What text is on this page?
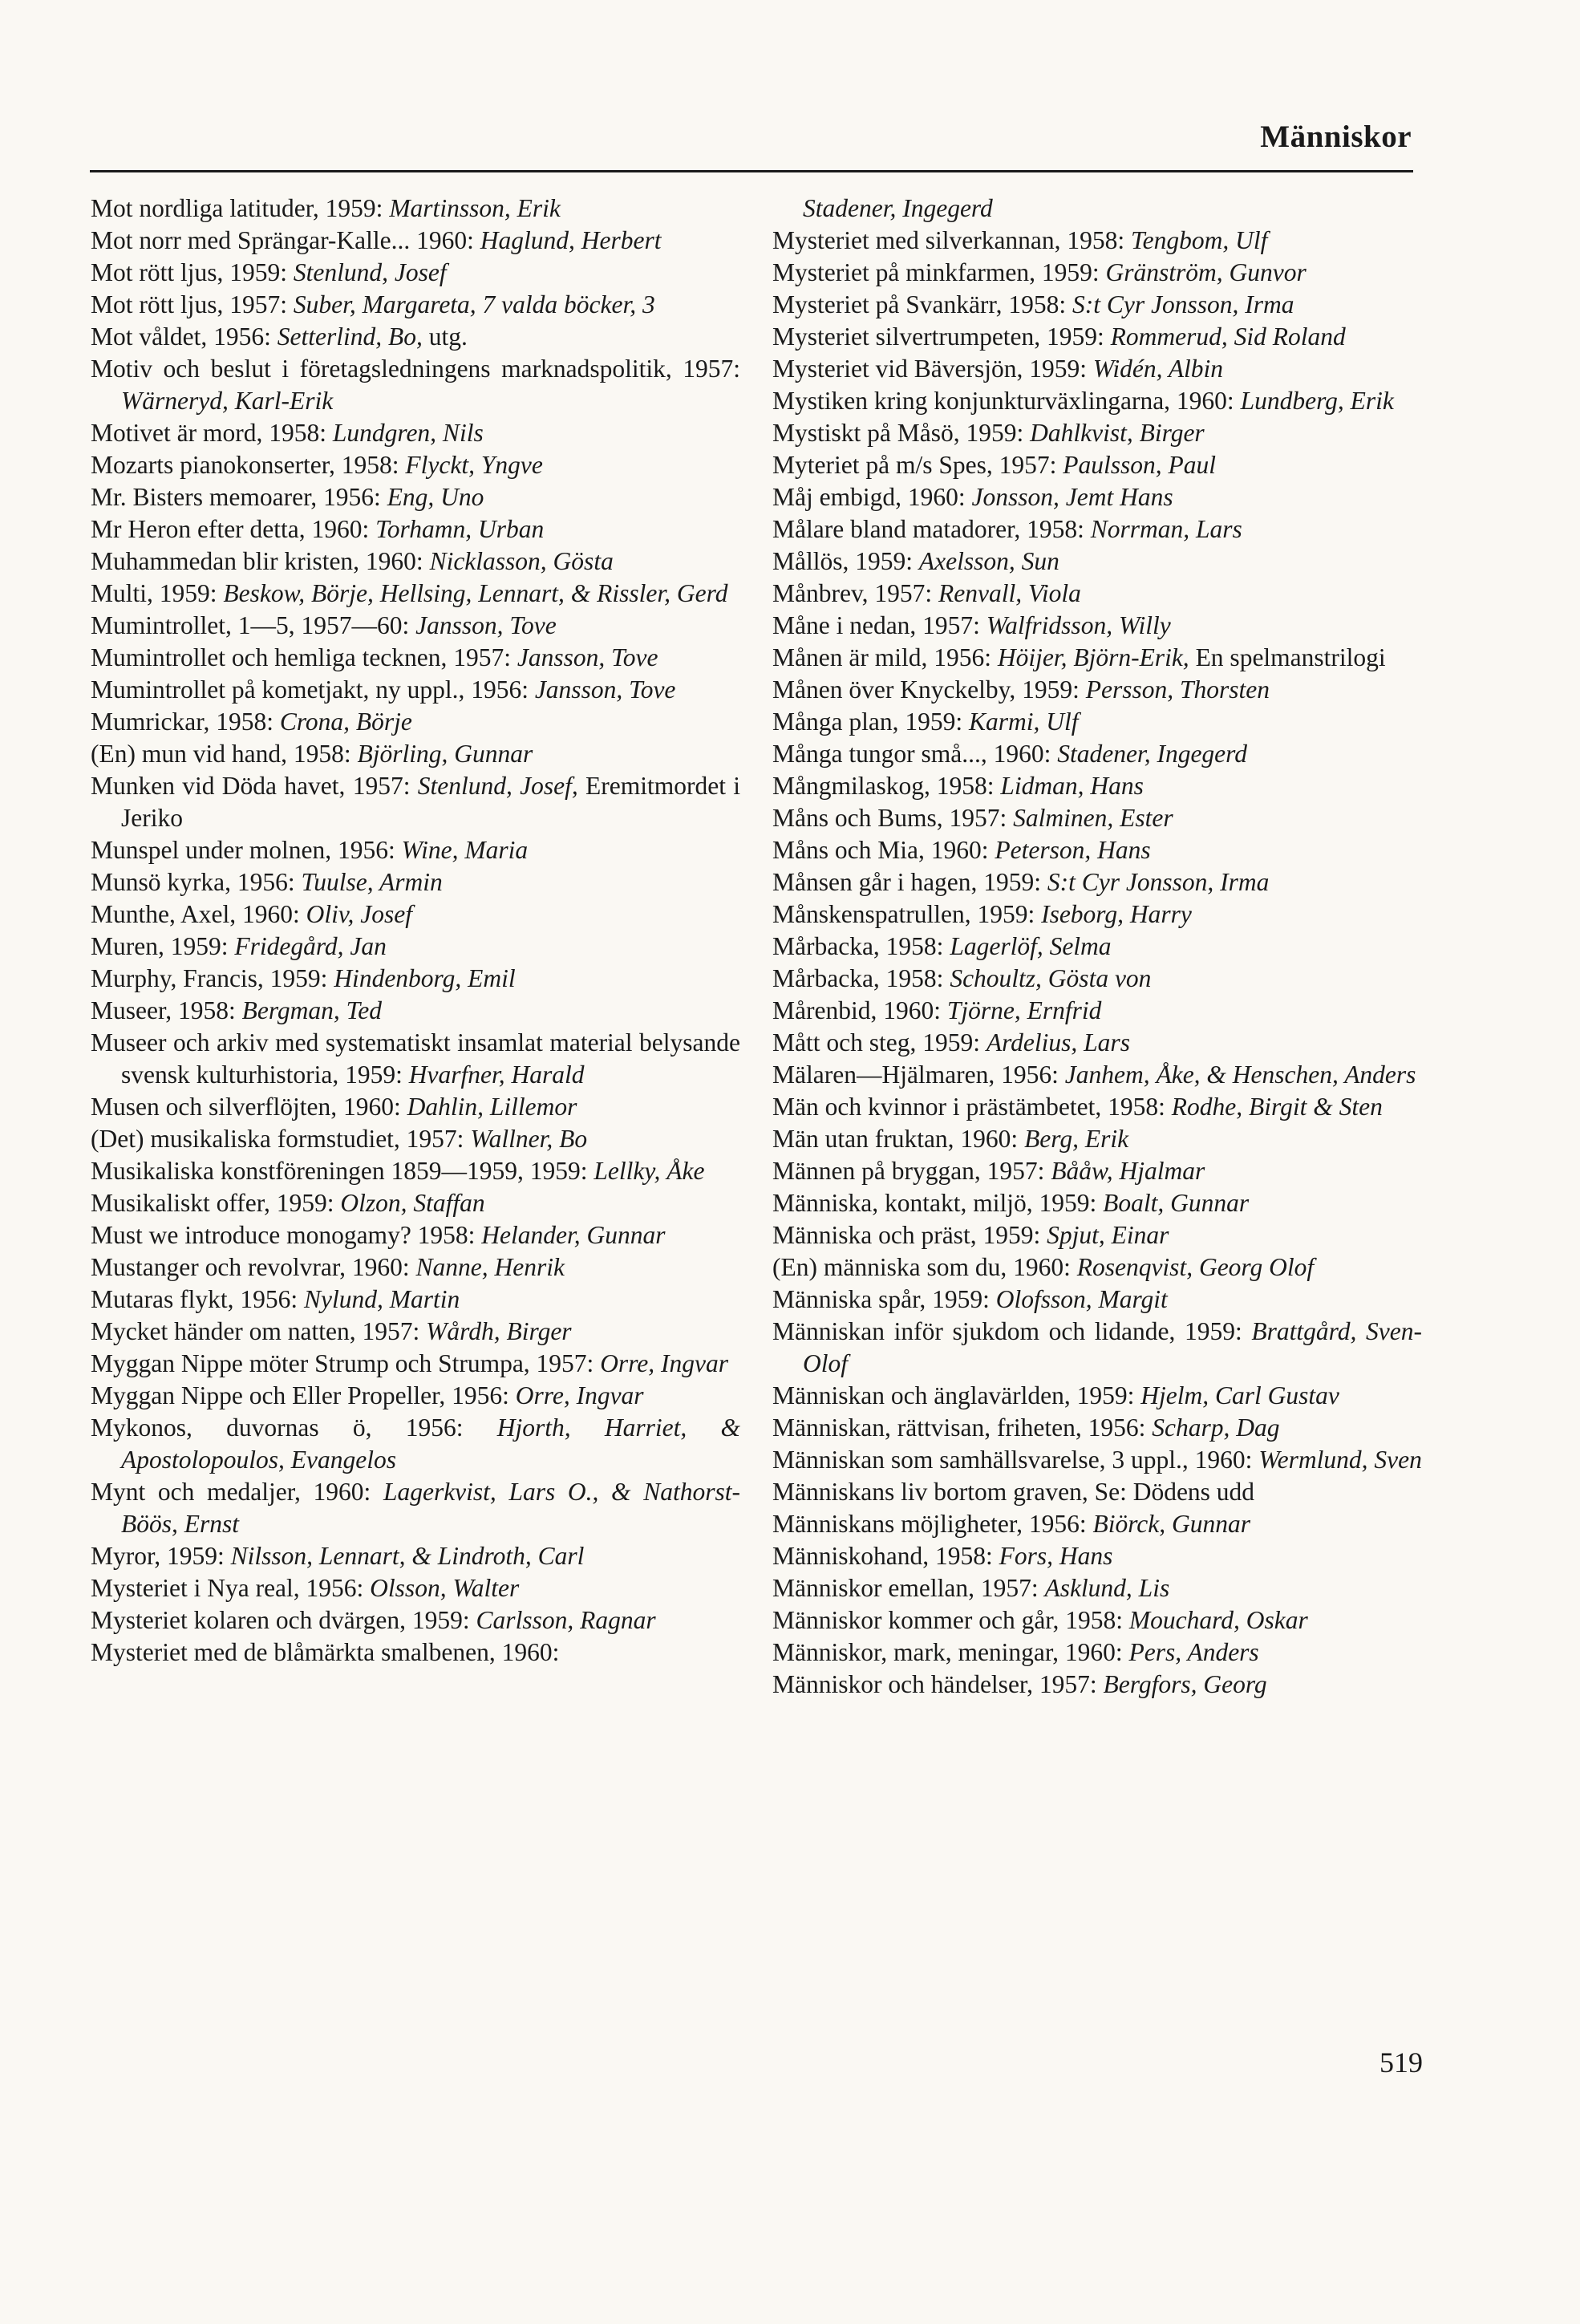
Människor

Mot nordliga latituder, 1959: Martinsson, Erik

Mot norr med Sprängar-Kalle... 1960: Haglund, Herbert

Mot rött ljus, 1959: Stenlund, Josef

Mot rött ljus, 1957: Suber, Margareta, 7 valda böcker, 3

Mot våldet, 1956: Setterlind, Bo, utg.

Motiv och beslut i företagsledningens marknadspolitik, 1957: Wärneryd, Karl-Erik

Motivet är mord, 1958: Lundgren, Nils

Mozarts pianokonserter, 1958: Flyckt, Yngve

Mr. Bisters memoarer, 1956: Eng, Uno

Mr Heron efter detta, 1960: Torhamn, Urban

Muhammedan blir kristen, 1960: Nicklasson, Gösta

Multi, 1959: Beskow, Börje, Hellsing, Lennart, & Rissler, Gerd

Mumintrollet, 1—5, 1957—60: Jansson, Tove

Mumintrollet och hemliga tecknen, 1957: Jansson, Tove

Mumintrollet på kometjakt, ny uppl., 1956: Jansson, Tove

Mumrickar, 1958: Crona, Börje

(En) mun vid hand, 1958: Björling, Gunnar

Munken vid Döda havet, 1957: Stenlund, Josef, Eremitmordet i Jeriko

Munspel under molnen, 1956: Wine, Maria

Munsö kyrka, 1956: Tuulse, Armin

Munthe, Axel, 1960: Oliv, Josef

Muren, 1959: Fridegård, Jan

Murphy, Francis, 1959: Hindenborg, Emil

Museer, 1958: Bergman, Ted

Museer och arkiv med systematiskt insamlat material belysande svensk kulturhistoria, 1959: Hvarfner, Harald

Musen och silverflöjten, 1960: Dahlin, Lillemor

(Det) musikaliska formstudiet, 1957: Wallner, Bo

Musikaliska konstföreningen 1859—1959, 1959: Lellky, Åke

Musikaliskt offer, 1959: Olzon, Staffan

Must we introduce monogamy? 1958: Helander, Gunnar

Mustanger och revolvrar, 1960: Nanne, Henrik

Mutaras flykt, 1956: Nylund, Martin

Mycket händer om natten, 1957: Wårdh, Birger

Myggan Nippe möter Strump och Strumpa, 1957: Orre, Ingvar

Myggan Nippe och Eller Propeller, 1956: Orre, Ingvar

Mykonos, duvornas ö, 1956: Hjorth, Harriet, & Apostolopoulos, Evangelos

Mynt och medaljer, 1960: Lagerkvist, Lars O., & Nathorst-Böös, Ernst

Myror, 1959: Nilsson, Lennart, & Lindroth, Carl

Mysteriet i Nya real, 1956: Olsson, Walter

Mysteriet kolaren och dvärgen, 1959: Carlsson, Ragnar

Mysteriet med de blåmärkta smalbenen, 1960:

Stadener, Ingegerd

Mysteriet med silverkannan, 1958: Tengbom, Ulf

Mysteriet på minkfarmen, 1959: Gränström, Gunvor

Mysteriet på Svankärr, 1958: S:t Cyr Jonsson, Irma

Mysteriet silvertrumpeten, 1959: Rommerud, Sid Roland

Mysteriet vid Bäversjön, 1959: Widén, Albin

Mystiken kring konjunkturväxlingarna, 1960: Lundberg, Erik

Mystiskt på Måsö, 1959: Dahlkvist, Birger

Myteriet på m/s Spes, 1957: Paulsson, Paul

Måj embigd, 1960: Jonsson, Jemt Hans

Målare bland matadorer, 1958: Norrman, Lars

Mållös, 1959: Axelsson, Sun

Månbrev, 1957: Renvall, Viola

Måne i nedan, 1957: Walfridsson, Willy

Månen är mild, 1956: Höijer, Björn-Erik, En spelmanstrilogi

Månen över Knyckelby, 1959: Persson, Thorsten

Många plan, 1959: Karmi, Ulf

Många tungor små..., 1960: Stadener, Ingegerd

Mångmilaskog, 1958: Lidman, Hans

Måns och Bums, 1957: Salminen, Ester

Måns och Mia, 1960: Peterson, Hans

Månsen går i hagen, 1959: S:t Cyr Jonsson, Irma

Månskenspatrullen, 1959: Iseborg, Harry

Mårbacka, 1958: Lagerlöf, Selma

Mårbacka, 1958: Schoultz, Gösta von

Mårenbid, 1960: Tjörne, Ernfrid

Mått och steg, 1959: Ardelius, Lars

Mälaren—Hjälmaren, 1956: Janhem, Åke, & Henschen, Anders

Män och kvinnor i prästämbetet, 1958: Rodhe, Birgit & Sten

Män utan fruktan, 1960: Berg, Erik

Männen på bryggan, 1957: Bååw, Hjalmar

Människa, kontakt, miljö, 1959: Boalt, Gunnar

Människa och präst, 1959: Spjut, Einar

(En) människa som du, 1960: Rosenqvist, Georg Olof

Människa spår, 1959: Olofsson, Margit

Människan inför sjukdom och lidande, 1959: Brattgård, Sven-Olof

Människan och änglavärlden, 1959: Hjelm, Carl Gustav

Människan, rättvisan, friheten, 1956: Scharp, Dag

Människan som samhällsvarelse, 3 uppl., 1960: Wermlund, Sven

Människans liv bortom graven, Se: Dödens udd

Människans möjligheter, 1956: Biörck, Gunnar

Människohand, 1958: Fors, Hans

Människor emellan, 1957: Asklund, Lis

Människor kommer och går, 1958: Mouchard, Oskar

Människor, mark, meningar, 1960: Pers, Anders

Människor och händelser, 1957: Bergfors, Georg

519
